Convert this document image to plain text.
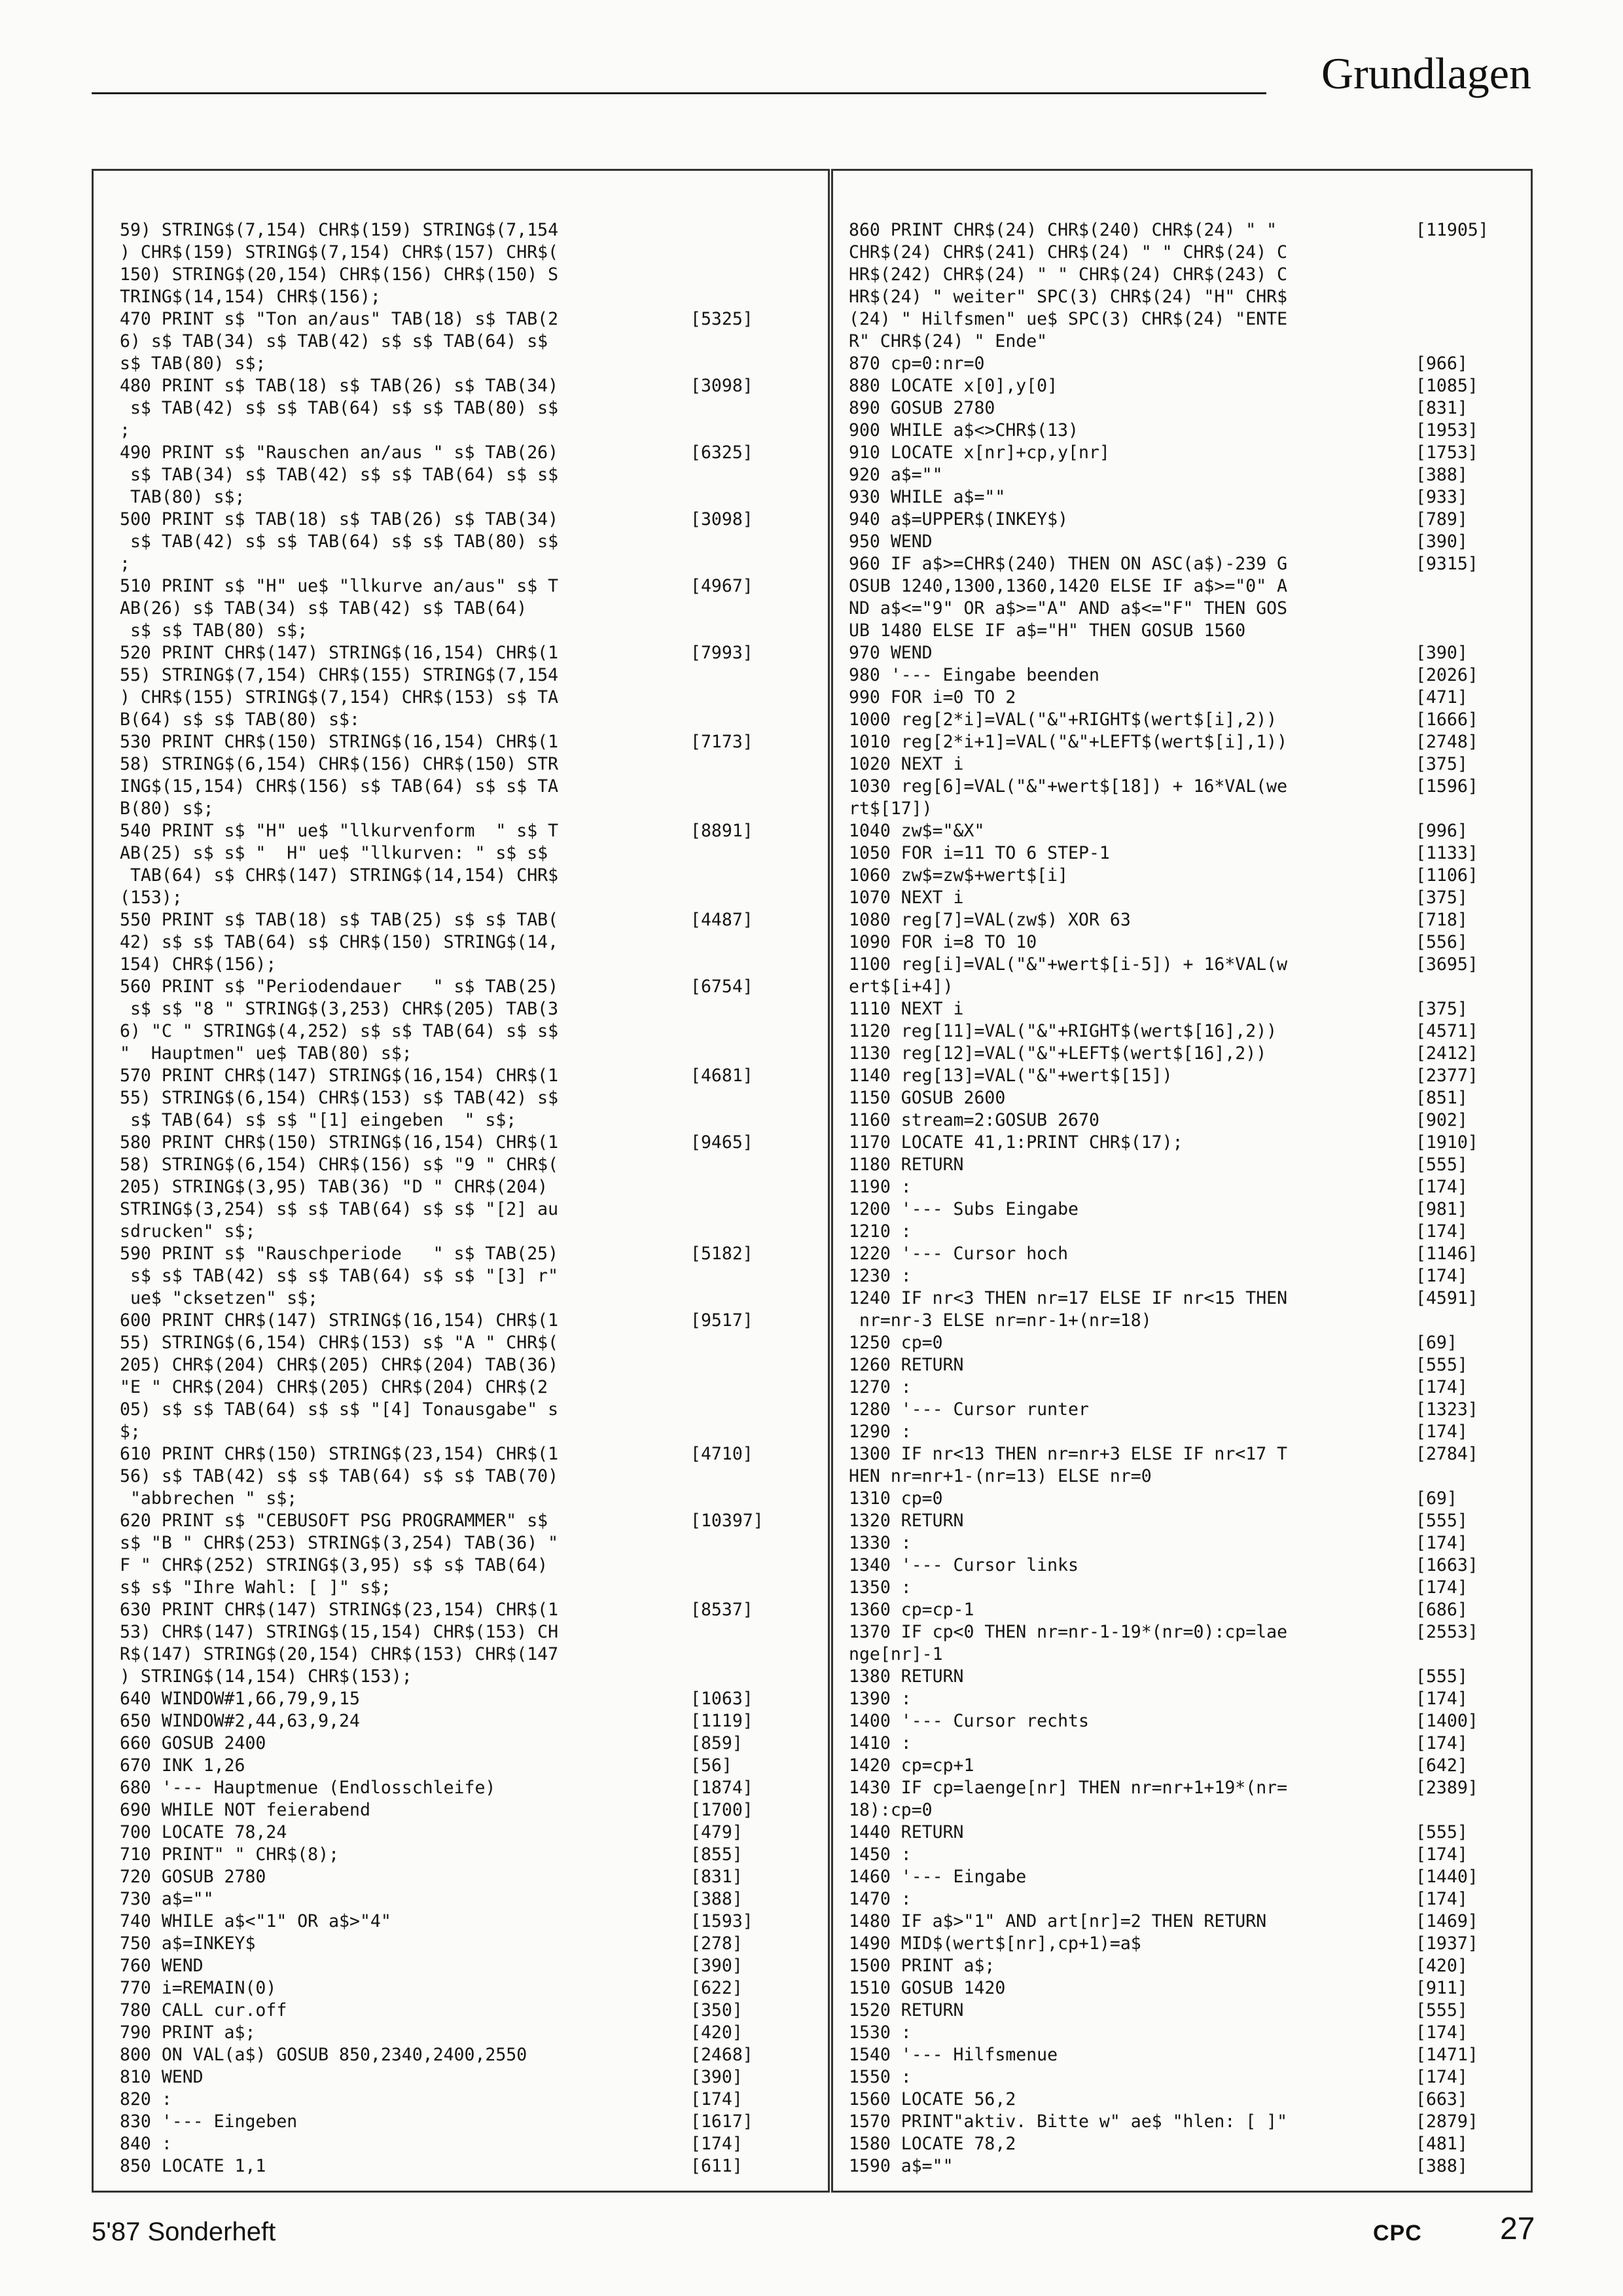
Grundlagen
59) STRING$(7,154) CHR$(159) STRING$(7,154
) CHR$(159) STRING$(7,154) CHR$(157) CHR$(
150) STRING$(20,154) CHR$(156) CHR$(150) S
TRING$(14,154) CHR$(156);
470 PRINT s$ "Ton an/aus" TAB(18) s$ TAB(2	[5325]
6) s$ TAB(34) s$ TAB(42) s$ s$ TAB(64) s$
s$ TAB(80) s$;
480 PRINT s$ TAB(18) s$ TAB(26) s$ TAB(34)	[3098]
s$ TAB(42) s$ s$ TAB(64) s$ s$ TAB(80) s$
;
490 PRINT s$ "Rauschen an/aus " s$ TAB(26)	[6325]
s$ TAB(34) s$ TAB(42) s$ s$ TAB(64) s$ s$
TAB(80) s$;
500 PRINT s$ TAB(18) s$ TAB(26) s$ TAB(34)	[3098]
s$ TAB(42) s$ s$ TAB(64) s$ s$ TAB(80) s$
;
510 PRINT s$ "H" ue$ "llkurve an/aus" s$ T	[4967]
AB(26) s$ TAB(34) s$ TAB(42) s$ TAB(64)
s$ s$ TAB(80) s$;
520 PRINT CHR$(147) STRING$(16,154) CHR$(1	[7993]
55) STRING$(7,154) CHR$(155) STRING$(7,154
) CHR$(155) STRING$(7,154) CHR$(153) s$ TA
B(64) s$ s$ TAB(80) s$:
530 PRINT CHR$(150) STRING$(16,154) CHR$(1	[7173]
58) STRING$(6,154) CHR$(156) CHR$(150) STR
ING$(15,154) CHR$(156) s$ TAB(64) s$ s$ TA
B(80) s$;
540 PRINT s$ "H" ue$ "llkurvenform  " s$ T	[8891]
AB(25) s$ s$ "  H" ue$ "llkurven: " s$ s$
TAB(64) s$ CHR$(147) STRING$(14,154) CHR$
(153);
550 PRINT s$ TAB(18) s$ TAB(25) s$ s$ TAB(	[4487]
42) s$ s$ TAB(64) s$ CHR$(150) STRING$(14,
154) CHR$(156);
560 PRINT s$ "Periodendauer   " s$ TAB(25)	[6754]
s$ s$ "8 " STRING$(3,253) CHR$(205) TAB(3
6) "C " STRING$(4,252) s$ s$ TAB(64) s$ s$
"  Hauptmen" ue$ TAB(80) s$;
570 PRINT CHR$(147) STRING$(16,154) CHR$(1	[4681]
55) STRING$(6,154) CHR$(153) s$ TAB(42) s$
s$ TAB(64) s$ s$ "[1] eingeben  " s$;
580 PRINT CHR$(150) STRING$(16,154) CHR$(1	[9465]
58) STRING$(6,154) CHR$(156) s$ "9 " CHR$(
205) STRING$(3,95) TAB(36) "D " CHR$(204)
STRING$(3,254) s$ s$ TAB(64) s$ s$ "[2] au
sdrucken" s$;
590 PRINT s$ "Rauschperiode   " s$ TAB(25)	[5182]
s$ s$ TAB(42) s$ s$ TAB(64) s$ s$ "[3] r"
ue$ "cksetzen" s$;
600 PRINT CHR$(147) STRING$(16,154) CHR$(1	[9517]
55) STRING$(6,154) CHR$(153) s$ "A " CHR$(
205) CHR$(204) CHR$(205) CHR$(204) TAB(36)
"E " CHR$(204) CHR$(205) CHR$(204) CHR$(2
05) s$ s$ TAB(64) s$ s$ "[4] Tonausgabe" s
$;
610 PRINT CHR$(150) STRING$(23,154) CHR$(1	[4710]
56) s$ TAB(42) s$ s$ TAB(64) s$ s$ TAB(70)
"abbrechen " s$;
620 PRINT s$ "CEBUSOFT PSG PROGRAMMER" s$	[10397]
s$ "B " CHR$(253) STRING$(3,254) TAB(36) "
F " CHR$(252) STRING$(3,95) s$ s$ TAB(64)
s$ s$ "Ihre Wahl: [ ]" s$;
630 PRINT CHR$(147) STRING$(23,154) CHR$(1	[8537]
53) CHR$(147) STRING$(15,154) CHR$(153) CH
R$(147) STRING$(20,154) CHR$(153) CHR$(147
) STRING$(14,154) CHR$(153);
640 WINDOW#1,66,79,9,15	[1063]
650 WINDOW#2,44,63,9,24	[1119]
660 GOSUB 2400	[859]
670 INK 1,26	[56]
680 '--- Hauptmenue (Endlosschleife)	[1874]
690 WHILE NOT feierabend	[1700]
700 LOCATE 78,24	[479]
710 PRINT" " CHR$(8);	[855]
720 GOSUB 2780	[831]
730 a$=""	[388]
740 WHILE a$<"1" OR a$>"4"	[1593]
750 a$=INKEY$	[278]
760 WEND	[390]
770 i=REMAIN(0)	[622]
780 CALL cur.off	[350]
790 PRINT a$;	[420]
800 ON VAL(a$) GOSUB 850,2340,2400,2550	[2468]
810 WEND	[390]
820 :	[174]
830 '--- Eingeben	[1617]
840 :	[174]
850 LOCATE 1,1	[611]
860 PRINT CHR$(24) CHR$(240) CHR$(24) " "	[11905]
CHR$(24) CHR$(241) CHR$(24) " " CHR$(24) C
HR$(242) CHR$(24) " " CHR$(24) CHR$(243) C
HR$(24) " weiter" SPC(3) CHR$(24) "H" CHR$
(24) " Hilfsmen" ue$ SPC(3) CHR$(24) "ENTE
R" CHR$(24) " Ende"
870 cp=0:nr=0	[966]
880 LOCATE x[0],y[0]	[1085]
890 GOSUB 2780	[831]
900 WHILE a$<>CHR$(13)	[1953]
910 LOCATE x[nr]+cp,y[nr]	[1753]
920 a$=""	[388]
930 WHILE a$=""	[933]
940 a$=UPPER$(INKEY$)	[789]
950 WEND	[390]
960 IF a$>=CHR$(240) THEN ON ASC(a$)-239 G	[9315]
OSUB 1240,1300,1360,1420 ELSE IF a$>="0" A
ND a$<="9" OR a$>="A" AND a$<="F" THEN GOS
UB 1480 ELSE IF a$="H" THEN GOSUB 1560
970 WEND	[390]
980 '--- Eingabe beenden	[2026]
990 FOR i=0 TO 2	[471]
1000 reg[2*i]=VAL("&"+RIGHT$(wert$[i],2))	[1666]
1010 reg[2*i+1]=VAL("&"+LEFT$(wert$[i],1))	[2748]
1020 NEXT i	[375]
1030 reg[6]=VAL("&"+wert$[18]) + 16*VAL(we	[1596]
rt$[17])
1040 zw$="&X"	[996]
1050 FOR i=11 TO 6 STEP-1	[1133]
1060 zw$=zw$+wert$[i]	[1106]
1070 NEXT i	[375]
1080 reg[7]=VAL(zw$) XOR 63	[718]
1090 FOR i=8 TO 10	[556]
1100 reg[i]=VAL("&"+wert$[i-5]) + 16*VAL(w	[3695]
ert$[i+4])
1110 NEXT i	[375]
1120 reg[11]=VAL("&"+RIGHT$(wert$[16],2))	[4571]
1130 reg[12]=VAL("&"+LEFT$(wert$[16],2))	[2412]
1140 reg[13]=VAL("&"+wert$[15])	[2377]
1150 GOSUB 2600	[851]
1160 stream=2:GOSUB 2670	[902]
1170 LOCATE 41,1:PRINT CHR$(17);	[1910]
1180 RETURN	[555]
1190 :	[174]
1200 '--- Subs Eingabe	[981]
1210 :	[174]
1220 '--- Cursor hoch	[1146]
1230 :	[174]
1240 IF nr<3 THEN nr=17 ELSE IF nr<15 THEN	[4591]
nr=nr-3 ELSE nr=nr-1+(nr=18)
1250 cp=0	[69]
1260 RETURN	[555]
1270 :	[174]
1280 '--- Cursor runter	[1323]
1290 :	[174]
1300 IF nr<13 THEN nr=nr+3 ELSE IF nr<17 T	[2784]
HEN nr=nr+1-(nr=13) ELSE nr=0
1310 cp=0	[69]
1320 RETURN	[555]
1330 :	[174]
1340 '--- Cursor links	[1663]
1350 :	[174]
1360 cp=cp-1	[686]
1370 IF cp<0 THEN nr=nr-1-19*(nr=0):cp=lae	[2553]
nge[nr]-1
1380 RETURN	[555]
1390 :	[174]
1400 '--- Cursor rechts	[1400]
1410 :	[174]
1420 cp=cp+1	[642]
1430 IF cp=laenge[nr] THEN nr=nr+1+19*(nr=	[2389]
18):cp=0
1440 RETURN	[555]
1450 :	[174]
1460 '--- Eingabe	[1440]
1470 :	[174]
1480 IF a$>"1" AND art[nr]=2 THEN RETURN	[1469]
1490 MID$(wert$[nr],cp+1)=a$	[1937]
1500 PRINT a$;	[420]
1510 GOSUB 1420	[911]
1520 RETURN	[555]
1530 :	[174]
1540 '--- Hilfsmenue	[1471]
1550 :	[174]
1560 LOCATE 56,2	[663]
1570 PRINT"aktiv. Bitte w" ae$ "hlen: [ ]"	[2879]
1580 LOCATE 78,2	[481]
1590 a$=""	[388]
5'87 Sonderheft	CPC 27
